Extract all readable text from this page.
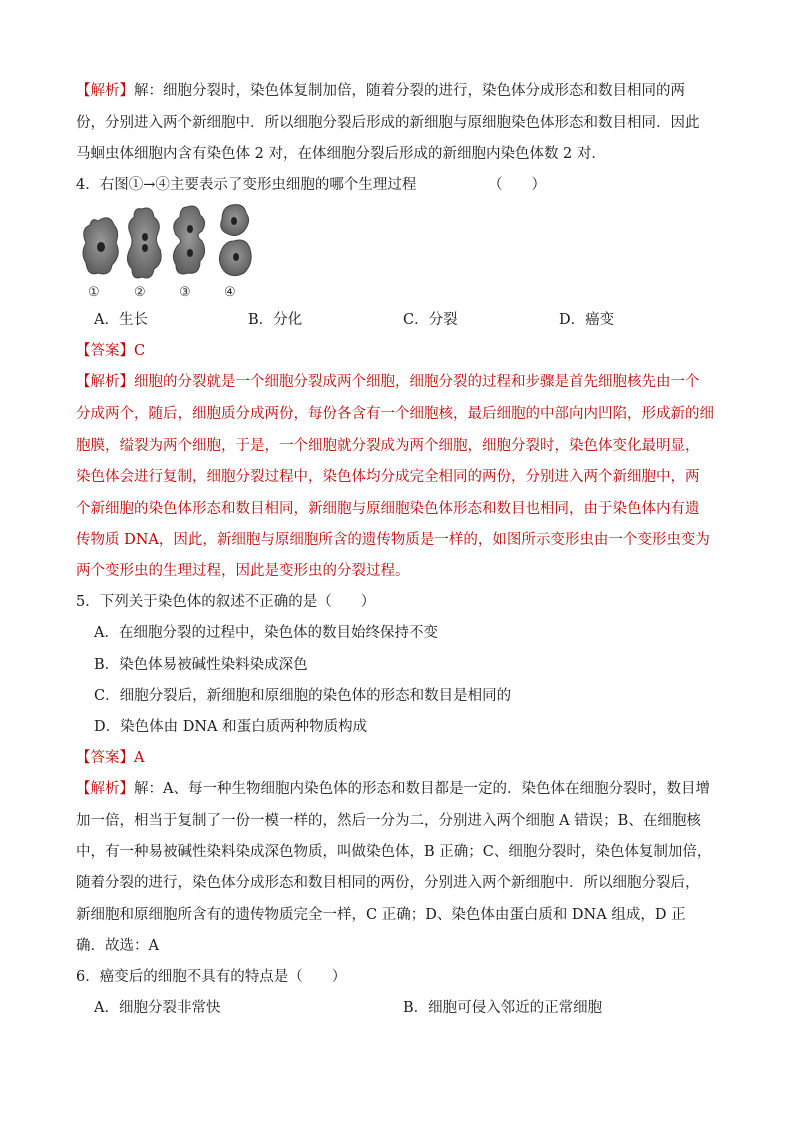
【解析】解：细胞分裂时，染色体复制加倍，随着分裂的进行，染色体分成形态和数目相同的两
份，分别进入两个新细胞中．所以细胞分裂后形成的新细胞与原细胞染色体形态和数目相同．因此
马蛔虫体细胞内含有染色体 2 对，在体细胞分裂后形成的新细胞内染色体数 2 对．
4．右图①→④主要表示了变形虫细胞的哪个生理过程	（　　）
①	②	③	④
A．生长	B．分化	C．分裂	D．癌变
【答案】C
【解析】细胞的分裂就是一个细胞分裂成两个细胞，细胞分裂的过程和步骤是首先细胞核先由一个
分成两个，随后，细胞质分成两份，每份各含有一个细胞核，最后细胞的中部向内凹陷，形成新的细
胞膜，缢裂为两个细胞，于是，一个细胞就分裂成为两个细胞，细胞分裂时，染色体变化最明显，
染色体会进行复制，细胞分裂过程中，染色体均分成完全相同的两份，分别进入两个新细胞中，两
个新细胞的染色体形态和数目相同，新细胞与原细胞染色体形态和数目也相同，由于染色体内有遗
传物质 DNA，因此，新细胞与原细胞所含的遗传物质是一样的，如图所示变形虫由一个变形虫变为
两个变形虫的生理过程，因此是变形虫的分裂过程。
5．下列关于染色体的叙述不正确的是（　　）
A．在细胞分裂的过程中，染色体的数目始终保持不变
B．染色体易被碱性染料染成深色
C．细胞分裂后，新细胞和原细胞的染色体的形态和数目是相同的
D．染色体由 DNA 和蛋白质两种物质构成
【答案】A
【解析】解：A、每一种生物细胞内染色体的形态和数目都是一定的．染色体在细胞分裂时，数目增
加一倍，相当于复制了一份一模一样的，然后一分为二，分别进入两个细胞 A 错误；B、在细胞核
中，有一种易被碱性染料染成深色物质，叫做染色体，B 正确；C、细胞分裂时，染色体复制加倍，
随着分裂的进行，染色体分成形态和数目相同的两份，分别进入两个新细胞中．所以细胞分裂后，
新细胞和原细胞所含有的遗传物质完全一样，C 正确；D、染色体由蛋白质和 DNA 组成，D 正
确．故选：A
6．癌变后的细胞不具有的特点是（　　）
A．细胞分裂非常快	B．细胞可侵入邻近的正常细胞
